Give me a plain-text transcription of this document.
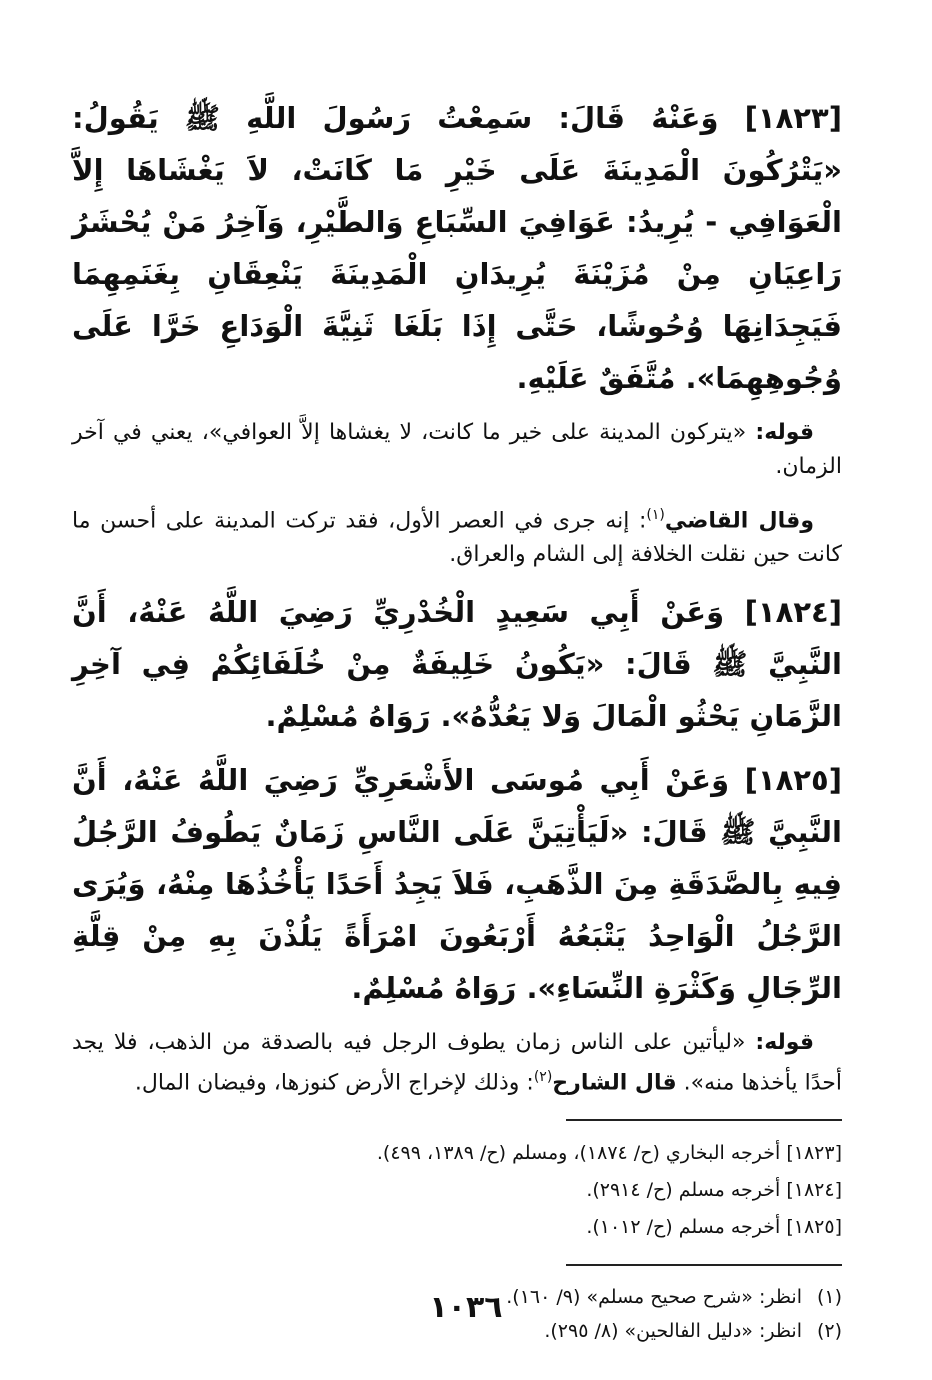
[١٨٢٣] وَعَنْهُ قَالَ: سَمِعْتُ رَسُولَ اللَّهِ ﷺ يَقُولُ: «يَتْرُكُونَ الْمَدِينَةَ عَلَى خَيْرِ مَا كَانَتْ، لاَ يَغْشَاهَا إِلاَّ الْعَوَافِي - يُرِيدُ: عَوَافِيَ السِّبَاعِ وَالطَّيْرِ، وَآخِرُ مَنْ يُحْشَرُ رَاعِيَانِ مِنْ مُزَيْنَةَ يُرِيدَانِ الْمَدِينَةَ يَنْعِقَانِ بِغَنَمِهِمَا فَيَجِدَانِهَا وُحُوشًا، حَتَّى إِذَا بَلَغَا ثَنِيَّةَ الْوَدَاعِ خَرَّا عَلَى وُجُوهِهِمَا». مُتَّفَقٌ عَلَيْهِ.

قوله: «يتركون المدينة على خير ما كانت، لا يغشاها إلاَّ العوافي»، يعني في آخر الزمان.

وقال القاضي$^{(١)}$: إنه جرى في العصر الأول، فقد تركت المدينة على أحسن ما كانت حين نقلت الخلافة إلى الشام والعراق.

[١٨٢٤] وَعَنْ أَبِي سَعِيدٍ الْخُدْرِيِّ رَضِيَ اللَّهُ عَنْهُ، أَنَّ النَّبِيَّ ﷺ قَالَ: «يَكُونُ خَلِيفَةٌ مِنْ خُلَفَائِكُمْ فِي آخِرِ الزَّمَانِ يَحْثُو الْمَالَ وَلا يَعُدُّهُ». رَوَاهُ مُسْلِمٌ.

[١٨٢٥] وَعَنْ أَبِي مُوسَى الأَشْعَرِيِّ رَضِيَ اللَّهُ عَنْهُ، أَنَّ النَّبِيَّ ﷺ قَالَ: «لَيَأْتِيَنَّ عَلَى النَّاسِ زَمَانٌ يَطُوفُ الرَّجُلُ فِيهِ بِالصَّدَقَةِ مِنَ الذَّهَبِ، فَلاَ يَجِدُ أَحَدًا يَأْخُذُهَا مِنْهُ، وَيُرَى الرَّجُلُ الْوَاحِدُ يَتْبَعُهُ أَرْبَعُونَ امْرَأَةً يَلُذْنَ بِهِ مِنْ قِلَّةِ الرِّجَالِ وَكَثْرَةِ النِّسَاءِ». رَوَاهُ مُسْلِمٌ.

قوله: «ليأتين على الناس زمان يطوف الرجل فيه بالصدقة من الذهب، فلا يجد أحدًا يأخذها منه». قال الشارح$^{(٢)}$: وذلك لإخراج الأرض كنوزها، وفيضان المال.

[١٨٢٣] أخرجه البخاري (ح/ ١٨٧٤)، ومسلم (ح/ ١٣٨٩، ٤٩٩).

[١٨٢٤] أخرجه مسلم (ح/ ٢٩١٤).

[١٨٢٥] أخرجه مسلم (ح/ ١٠١٢).

(١)انظر: «شرح صحيح مسلم» (٩/ ١٦٠).

(٢)انظر: «دليل الفالحين» (٨/ ٢٩٥).

١٠٣٦
